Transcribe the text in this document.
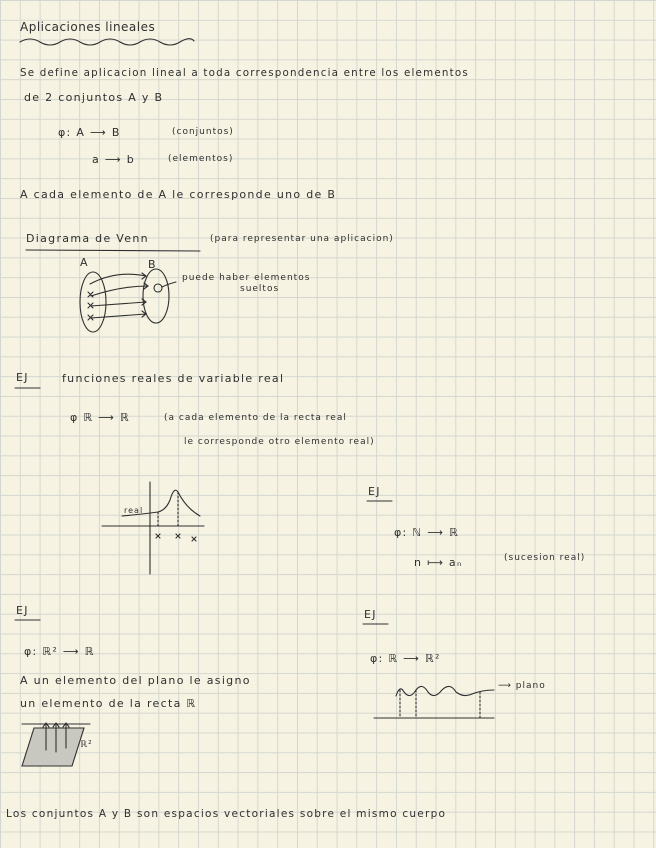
Aplicaciones lineales
Se define aplicacion lineal a toda correspondencia entre los elementos
de 2 conjuntos A y B
φ: A ⟶ B	(conjuntos)
a ⟶ b	(elementos)
A cada elemento de A le corresponde uno de B
Diagrama de Venn	(para representar una aplicacion)
A	B
puede haber elementos
sueltos
EJ	funciones reales de variable real
φ ℝ ⟶ ℝ	(a cada elemento de la recta real
le corresponde otro elemento real)
real
EJ
φ: ℕ ⟶ ℝ
n ⟼ aₙ	(sucesion real)
EJ
φ: ℝ² ⟶ ℝ
A un elemento del plano le asigno
un elemento de la recta ℝ
ℝ²
EJ
φ: ℝ ⟶ ℝ²
⟶ plano
Los conjuntos A y B son espacios vectoriales sobre el mismo cuerpo
